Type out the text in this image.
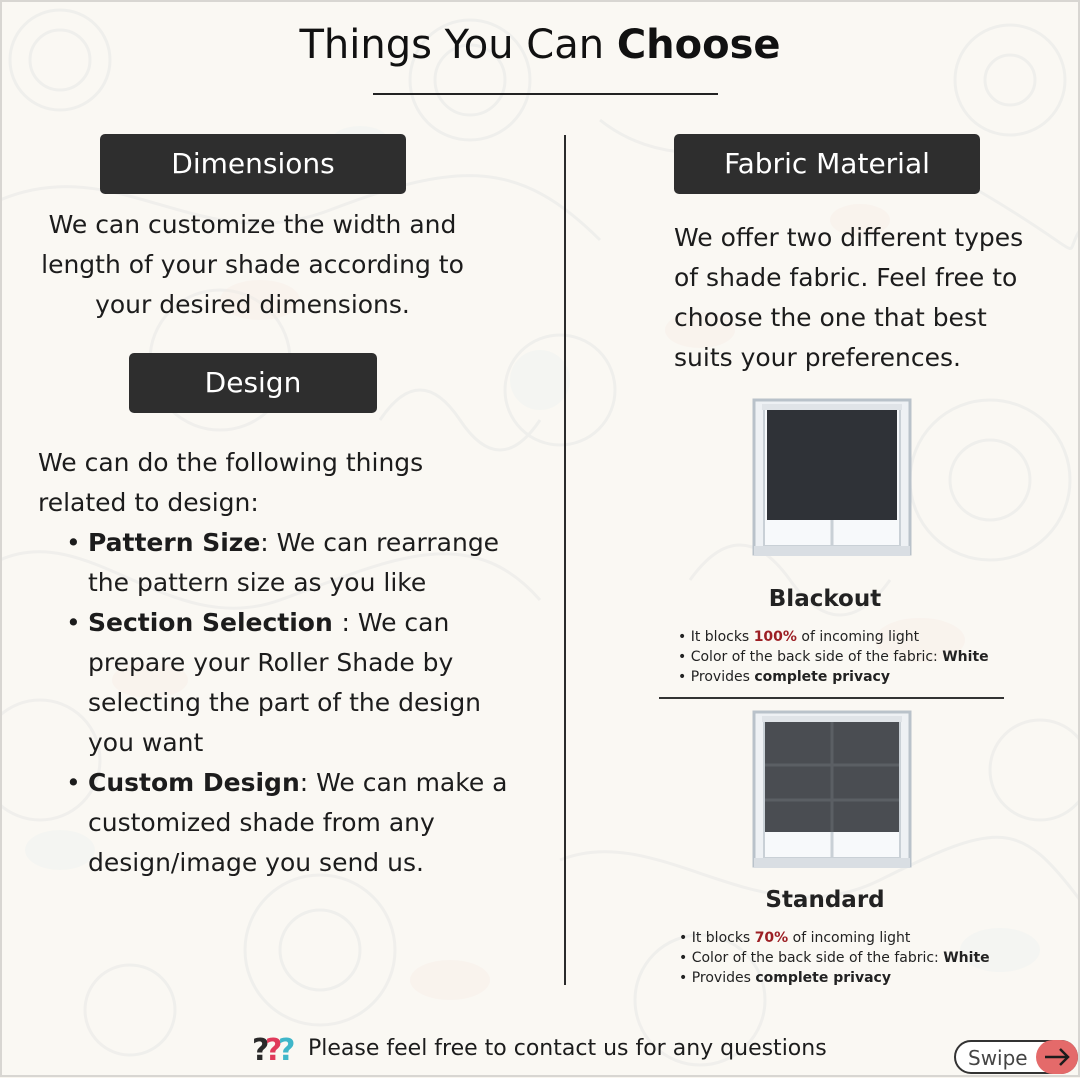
Things You Can Choose
Dimensions
We can customize the width and
length of your shade according to
your desired dimensions.
Design
We can do the following things
related to design:
• Pattern Size: We can rearrange
the pattern size as you like
• Section Selection : We can
prepare your Roller Shade by
selecting the part of the design
you want
• Custom Design: We can make a
customized shade from any
design/image you send us.
Fabric Material
We offer two different types
of shade fabric. Feel free to
choose the one that best
suits your preferences.
Blackout
• It blocks 100% of incoming light
• Color of the back side of the fabric: White
• Provides complete privacy
Standard
• It blocks 70% of incoming light
• Color of the back side of the fabric: White
• Provides complete privacy
?
?
? Please feel free to contact us for any questions	Swipe
